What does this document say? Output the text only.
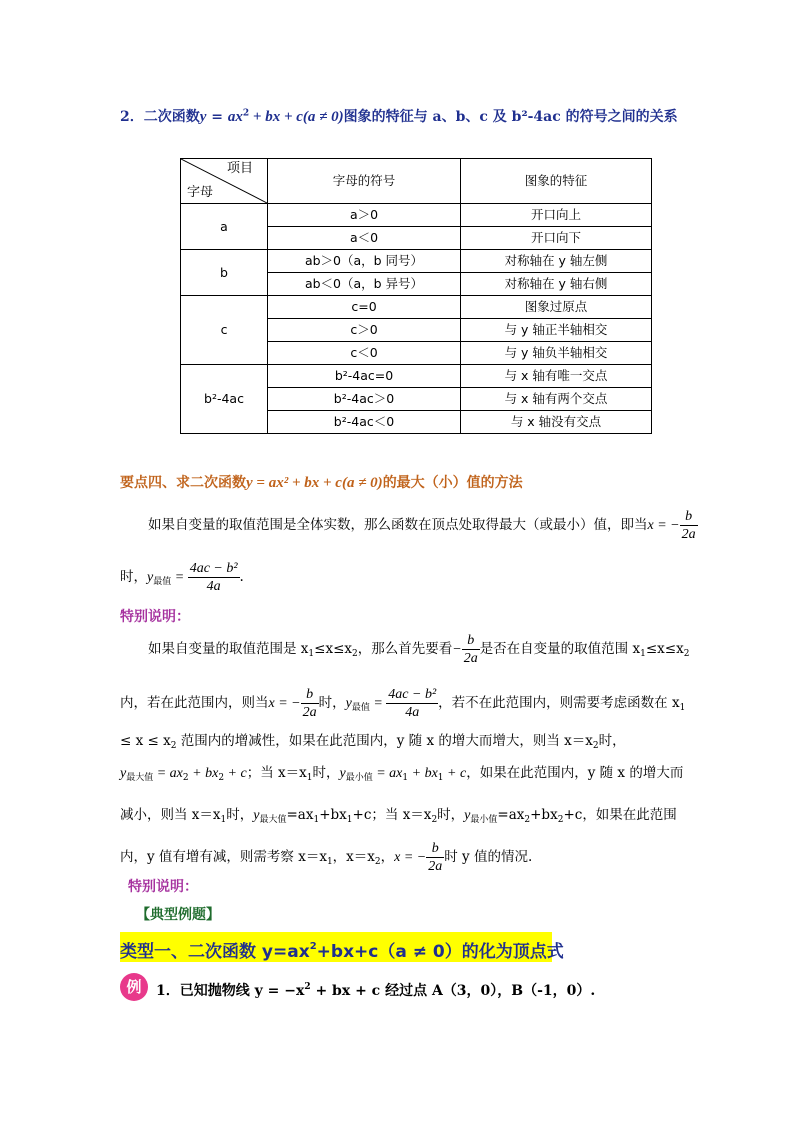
2．二次函数$y = ax^2$ + bx + c(a ≠ 0)图象的特征与 a、b、c 及 b²-4ac 的符号之间的关系
项目
字母	字母的符号	图象的特征
a	a＞0	开口向上
	a＜0	开口向下
b	ab＞0（a，b 同号）	对称轴在 y 轴左侧
	ab＜0（a，b 异号）	对称轴在 y 轴右侧
c	c=0	图象过原点
	c＞0	与 y 轴正半轴相交
	c＜0	与 y 轴负半轴相交
b²-4ac	b²-4ac=0	与 x 轴有唯一交点
	b²-4ac＞0	与 x 轴有两个交点
	b²-4ac＜0	与 x 轴没有交点
要点四、求二次函数y = ax² + bx + c(a ≠ 0)的最大（小）值的方法
如果自变量的取值范围是全体实数，那么函数在顶点处取得最大（或最小）值，即当x = − $\frac{b}{2a}$
时，$y_{最值} = \frac{\text{4ac − b²}}{4a}$ .
特别说明：
如果自变量的取值范围是 $x_1\le x\le x_2$，那么首先要看− $\frac{b}{2a}$ 是否在自变量的取值范围 $x_1\le x\le x_2$
内，若在此范围内，则当x = − $\frac{b}{2a}$ 时，$y_{最值} = \frac{\text{4ac − b²}}{4a}$ ，若不在此范围内，则需要考虑函数在 $x_1$
≤ $x \le x_2$ 范围内的增减性，如果在此范围内，y 随 x 的增大而增大，则当 $x=x_2$时，
$y_{最大值} = ax_2 + bx_2 + c$；当 $x=x_1$时，$y_{最小值} = ax_1 + bx_1 + c$，如果在此范围内，y 随 x 的增大而
减小，则当 $x=x_1$时，$y_{最大值}=ax_1+bx_1+c$；当 $x=x_2$时，$y_{最小值}=ax_2+bx_2+c$，如果在此范围
内，y 值有增有减，则需考察 $x=x_1$，$x=x_2$，x = − $\frac{b}{2a}$ 时 y 值的情况.
特别说明：
【典型例题】
类型一、二次函数 $y=ax^2+bx+c(a \ne 0)$的化为顶点式
例	1．已知抛物线 $y = -x^2$ + bx + c 经过点 A（3，0），B（-1，0）.
